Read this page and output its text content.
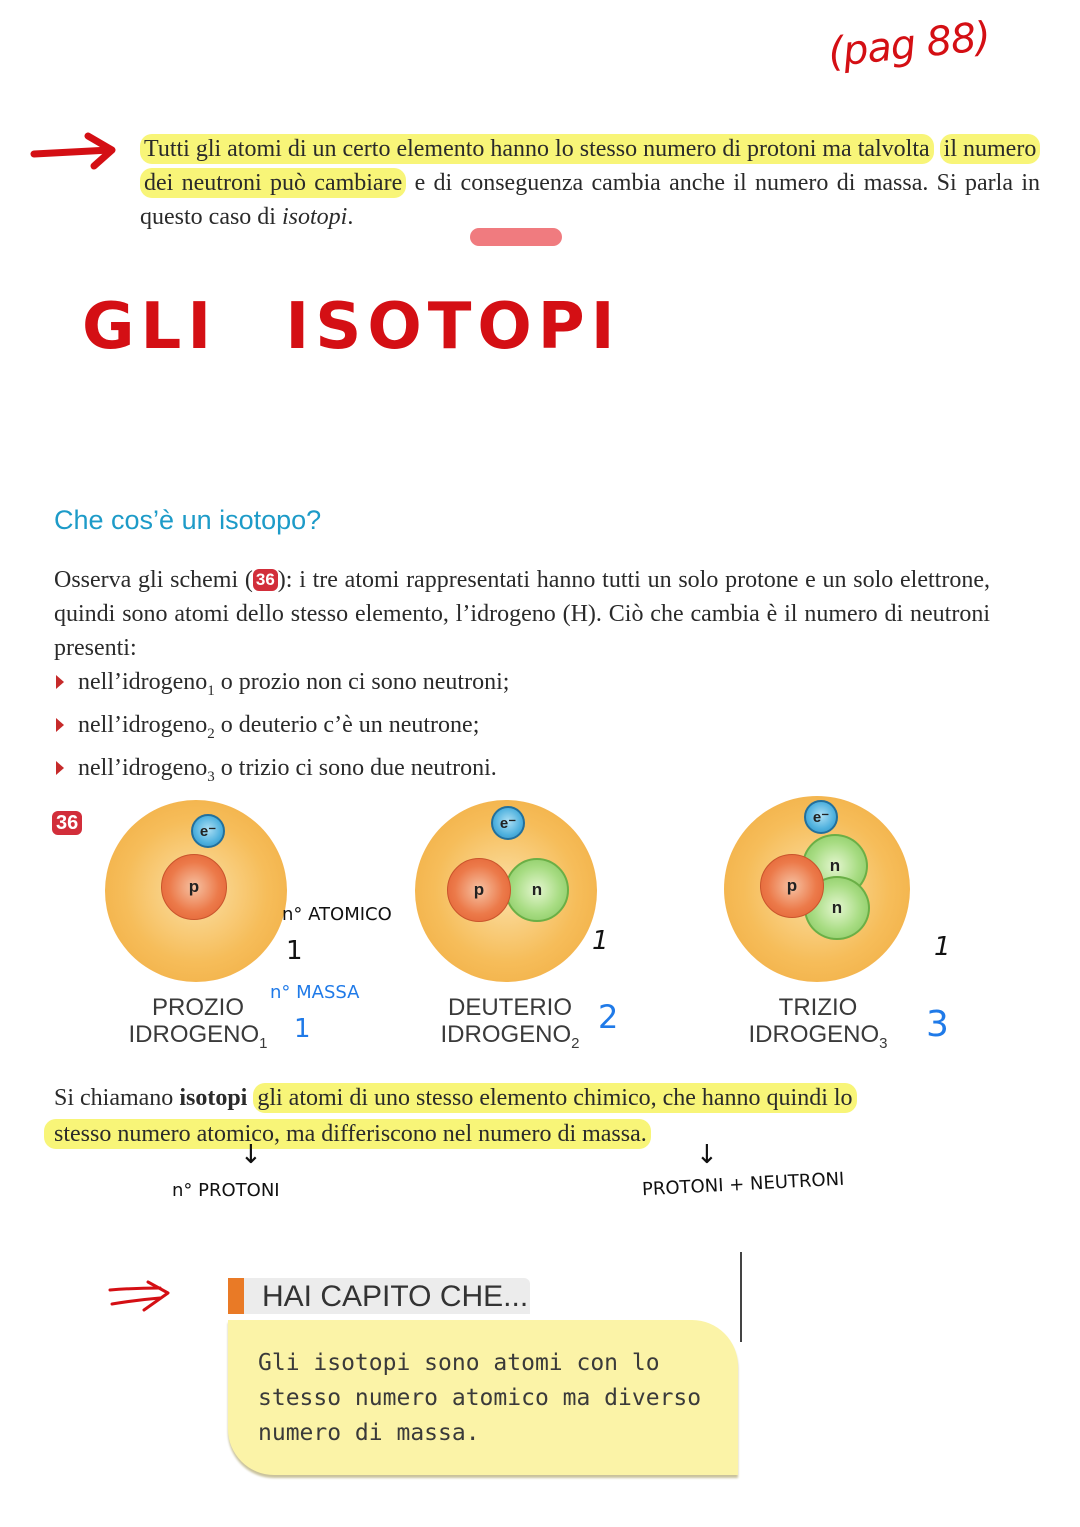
(pag 88)
Tutti gli atomi di un certo elemento hanno lo stesso numero di protoni ma talvolta il numero dei neutroni può cambiare e di conseguenza cambia anche il numero di massa. Si parla in questo caso di isotopi.
GLI ISOTOPI
Che cos’è un isotopo?
Osserva gli schemi ( 36 ): i tre atomi rappresentati hanno tutti un solo protone e un solo elettrone, quindi sono atomi dello stesso elemento, l’idrogeno (H). Ciò che cambia è il numero di neutroni presenti:
nell’idrogeno$_1$ o prozio non ci sono neutroni;
nell’idrogeno$_2$ o deuterio c’è un neutrone;
nell’idrogeno$_3$ o trizio ci sono due neutroni.
36	e⁻
p
PROZIO
$IDROGENO_1$
e⁻
n
p
DEUTERIO
$IDROGENO_2$
e⁻
n
n
p
TRIZIO
$IDROGENO_3$
n° ATOMICO
1
n° MASSA
1
1
2
1
3
Si chiamano isotopi gli atomi di uno stesso elemento chimico, che hanno quindi lo
stesso numero atomico, ma differiscono nel numero di massa.
↓
n° PROTONI
↓
PROTONI + NEUTRONI
HAI CAPITO CHE...
Gli isotopi sono atomi con lo stesso numero atomico ma diverso numero di massa.
